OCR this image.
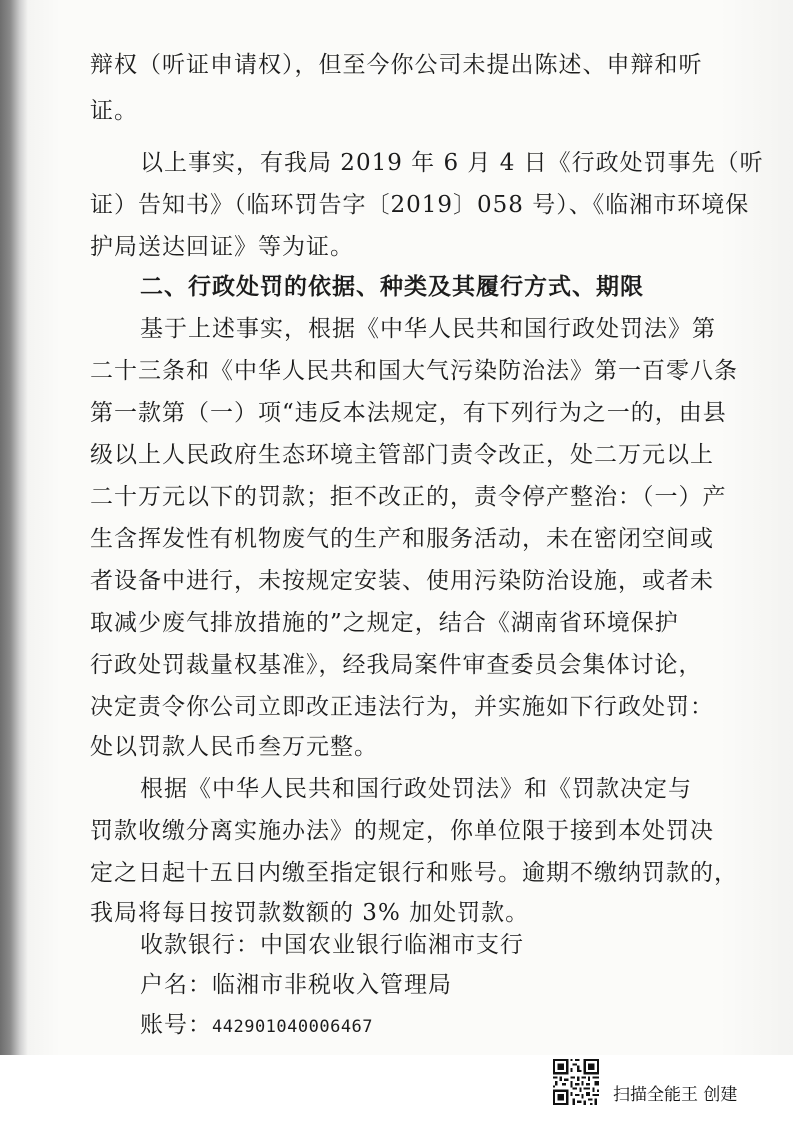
辩权（听证申请权），但至今你公司未提出陈述、申辩和听
证。
以上事实，有我局 2019 年 6 月 4 日《行政处罚事先（听
证）告知书》（临环罚告字〔2019〕058 号）、《临湘市环境保
护局送达回证》等为证。
二、行政处罚的依据、种类及其履行方式、期限
基于上述事实，根据《中华人民共和国行政处罚法》第
二十三条和《中华人民共和国大气污染防治法》第一百零八条
第一款第（一）项“违反本法规定，有下列行为之一的，由县
级以上人民政府生态环境主管部门责令改正，处二万元以上
二十万元以下的罚款；拒不改正的，责令停产整治：（一）产
生含挥发性有机物废气的生产和服务活动，未在密闭空间或
者设备中进行，未按规定安装、使用污染防治设施，或者未
取减少废气排放措施的”之规定，结合《湖南省环境保护
行政处罚裁量权基准》，经我局案件审查委员会集体讨论，
决定责令你公司立即改正违法行为，并实施如下行政处罚：
处以罚款人民币叁万元整。
根据《中华人民共和国行政处罚法》和《罚款决定与
罚款收缴分离实施办法》的规定，你单位限于接到本处罚决
定之日起十五日内缴至指定银行和账号。逾期不缴纳罚款的，
我局将每日按罚款数额的 3% 加处罚款。
收款银行：中国农业银行临湘市支行
户名：临湘市非税收入管理局
账号：442901040006467
扫描全能王 创建
